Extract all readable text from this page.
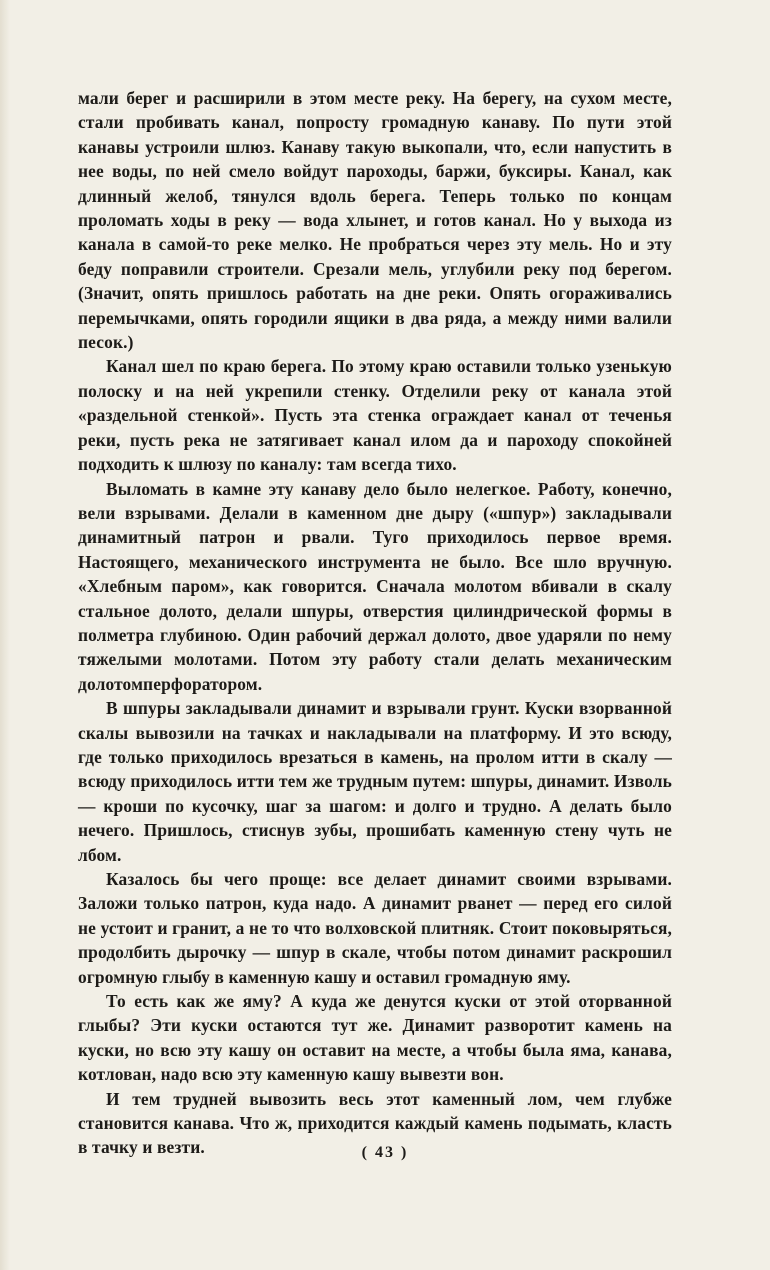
мали берег и расширили в этом месте реку. На берегу, на сухом месте, стали пробивать канал, попросту громадную канаву. По пути этой канавы устроили шлюз. Канаву такую выкопали, что, если напустить в нее воды, по ней смело войдут пароходы, баржи, буксиры. Канал, как длинный желоб, тянулся вдоль берега. Теперь только по концам проломать ходы в реку — вода хлынет, и готов канал. Но у выхода из канала в самой-то реке мелко. Не пробраться через эту мель. Но и эту беду поправили строители. Срезали мель, углубили реку под берегом. (Значит, опять пришлось работать на дне реки. Опять огораживались перемычками, опять городили ящики в два ряда, а между ними валили песок.)

Канал шел по краю берега. По этому краю оставили только узенькую полоску и на ней укрепили стенку. Отделили реку от канала этой «раздельной стенкой». Пусть эта стенка ограждает канал от теченья реки, пусть река не затягивает канал илом да и пароходу спокойней подходить к шлюзу по каналу: там всегда тихо.

Выломать в камне эту канаву дело было нелегкое. Работу, конечно, вели взрывами. Делали в каменном дне дыру («шпур») закладывали динамитный патрон и рвали. Туго приходилось первое время. Настоящего, механического инструмента не было. Все шло вручную. «Хлебным паром», как говорится. Сначала молотом вбивали в скалу стальное долото, делали шпуры, отверстия цилиндрической формы в полметра глубиною. Один рабочий держал долото, двое ударяли по нему тяжелыми молотами. Потом эту работу стали делать механическим долотомперфоратором.

В шпуры закладывали динамит и взрывали грунт. Куски взорванной скалы вывозили на тачках и накладывали на платформу. И это всюду, где только приходилось врезаться в камень, на пролом итти в скалу — всюду приходилось итти тем же трудным путем: шпуры, динамит. Изволь — кроши по кусочку, шаг за шагом: и долго и трудно. А делать было нечего. Пришлось, стиснув зубы, прошибать каменную стену чуть не лбом.

Казалось бы чего проще: все делает динамит своими взрывами. Заложи только патрон, куда надо. А динамит рванет — перед его силой не устоит и гранит, а не то что волховской плитняк. Стоит поковыряться, продолбить дырочку — шпур в скале, чтобы потом динамит раскрошил огромную глыбу в каменную кашу и оставил громадную яму.

То есть как же яму? А куда же денутся куски от этой оторванной глыбы? Эти куски остаются тут же. Динамит разворотит камень на куски, но всю эту кашу он оставит на месте, а чтобы была яма, канава, котлован, надо всю эту каменную кашу вывезти вон.

И тем трудней вывозить весь этот каменный лом, чем глубже становится канава. Что ж, приходится каждый камень подымать, класть в тачку и везти.	( 43 )
